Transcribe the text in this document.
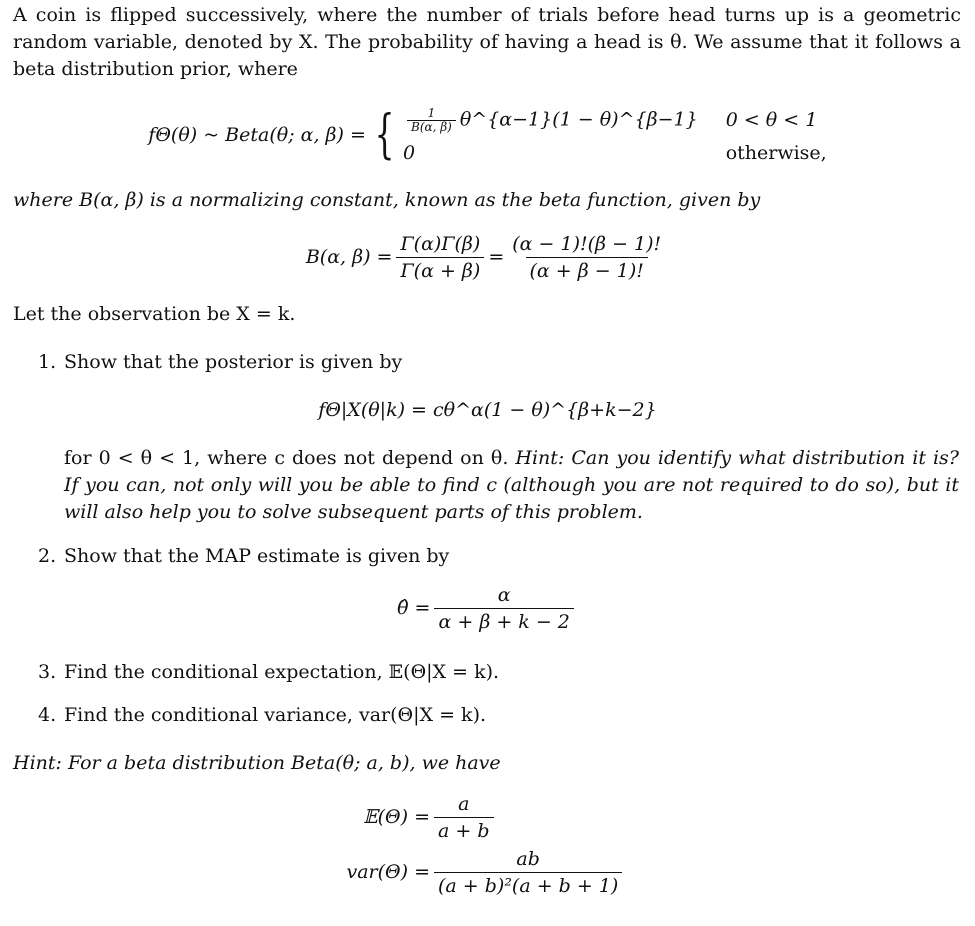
A coin is flipped successively, where the number of trials before head turns up is a geometric random variable, denoted by X. The probability of having a head is θ. We assume that it follows a beta distribution prior, where
fΘ(θ) ~ Beta(θ; α, β) = { $\frac{1}{B(\alpha, \beta)}$ θ^{α−1}(1 − θ)^{β−1} 0 < θ < 1
0	otherwise,
where B(α, β) is a normalizing constant, known as the beta function, given by
B(α, $\beta) = \frac{\Gamma(\alpha)\Gamma(\beta)}{\Gamma(\alpha + \beta)} = \frac{(\alpha - 1)!(\beta - 1)!}{(\alpha + \beta - 1)!}$
Let the observation be X = k.
1. Show that the posterior is given by
fΘ|X(θ|k) = cθ^α(1 − θ)^{β+k−2}
for 0 < θ < 1, where c does not depend on θ. Hint: Can you identify what distribution it is? If you can, not only will you be able to find c (although you are not required to do so), but it will also help you to solve subsequent parts of this problem.
2. Show that the MAP estimate is given by
θ̂ = $\frac{\alpha}{\alpha + \beta + k - 2}$
3. Find the conditional expectation, 𝔼(Θ|X = k).
4. Find the conditional variance, var(Θ|X = k).
Hint: For a beta distribution Beta(θ; a, b), we have
𝔼(Θ) = $\frac{a}{a + b}$
$var(\Theta) = \frac{ab}{\text{(a + b)²(a + b + 1)}}$
